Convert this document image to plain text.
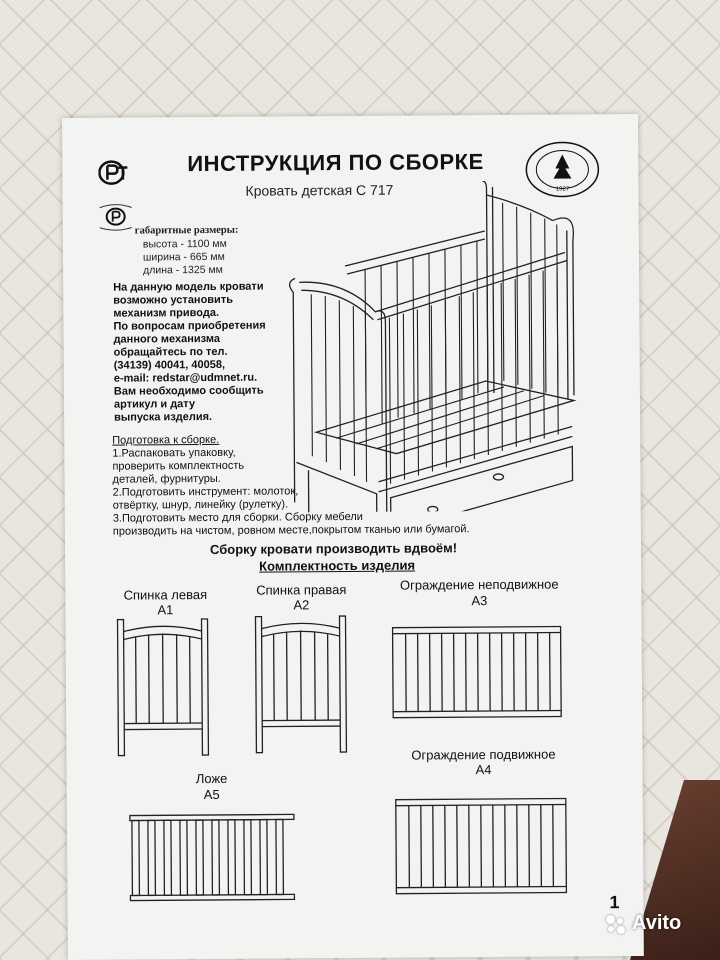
1927
ИНСТРУКЦИЯ ПО СБОРКЕ
Кровать детская С 717
габаритные размеры:
высота - 1100 мм
ширина - 665 мм
длина - 1325 мм
На данную модель кровати
возможно установить
механизм привода.
По вопросам приобретения
данного механизма
обращайтесь по тел.
(34139) 40041, 40058,
e-mail: redstar@udmnet.ru.
Вам необходимо сообщить
артикул и дату
выпуска изделия.
Подготовка к сборке.
1.Распаковать упаковку,
проверить комплектность
деталей, фурнитуры.
2.Подготовить инструмент: молоток,
отвёртку, шнур, линейку (рулетку).
3.Подготовить место для сборки. Сборку мебели
производить на чистом, ровном месте,покрытом тканью или бумагой.
Сборку кровати производить вдвоём!
Комплектность изделия
Спинка левая
А1
Спинка правая
А2
Ограждение неподвижное
А3
Ограждение подвижное
А4
Ложе
А5
1
Avito
